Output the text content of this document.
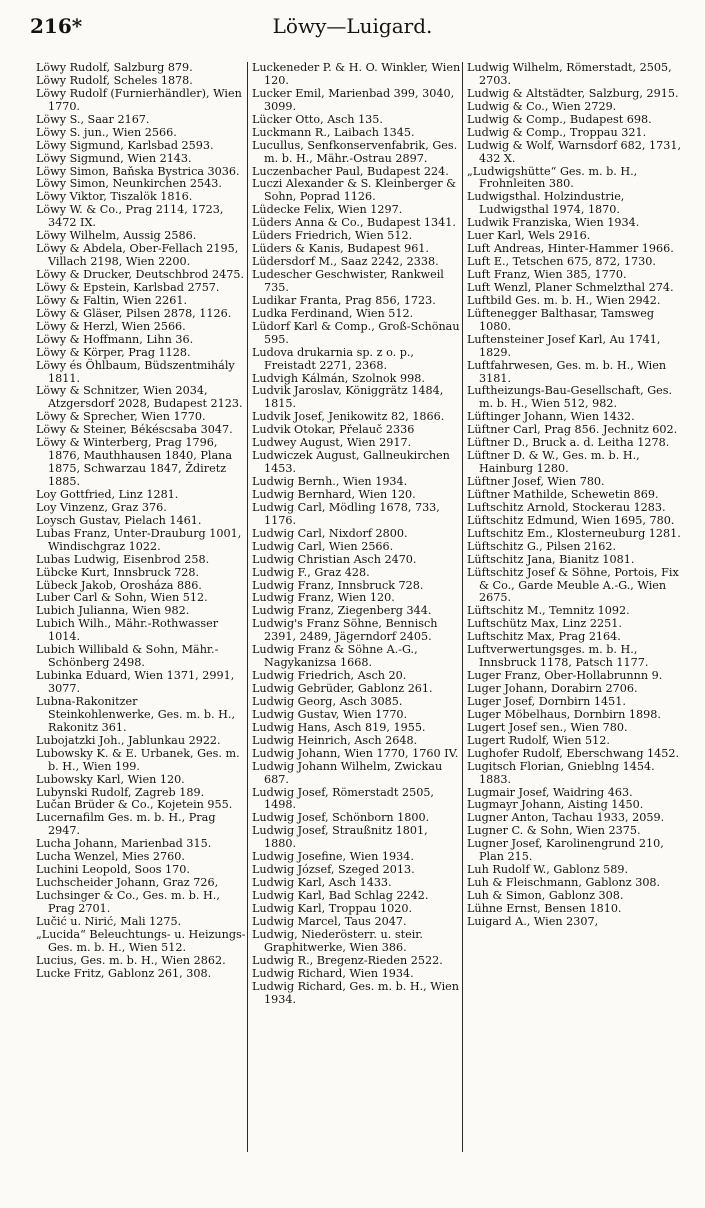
216*	Löwy—Luigard.
Löwy Rudolf, Salzburg 879.
Löwy Rudolf, Scheles 1878.
Löwy Rudolf (Furnierhändler), Wien 1770.
Löwy S., Saar 2167.
Löwy S. jun., Wien 2566.
Löwy Sigmund, Karlsbad 2593.
Löwy Sigmund, Wien 2143.
Löwy Simon, Baňska Bystrica 3036.
Löwy Simon, Neunkirchen 2543.
Löwy Viktor, Tiszalök 1816.
Löwy W. & Co., Prag 2114, 1723, 3472 IX.
Löwy Wilhelm, Aussig 2586.
Löwy & Abdela, Ober-Fellach 2195, Villach 2198, Wien 2200.
Löwy & Drucker, Deutschbrod 2475.
Löwy & Epstein, Karlsbad 2757.
Löwy & Faltin, Wien 2261.
Löwy & Gläser, Pilsen 2878, 1126.
Löwy & Herzl, Wien 2566.
Löwy & Hoffmann, Lihn 36.
Löwy & Körper, Prag 1128.
Löwy és Öhlbaum, Büdszentmihály 1811.
Löwy & Schnitzer, Wien 2034, Atzgersdorf 2028, Budapest 2123.
Löwy & Sprecher, Wien 1770.
Löwy & Steiner, Békéscsaba 3047.
Löwy & Winterberg, Prag 1796, 1876, Mauthhausen 1840, Plana 1875, Schwarzau 1847, Ždiretz 1885.
Loy Gottfried, Linz 1281.
Loy Vinzenz, Graz 376.
Loysch Gustav, Pielach 1461.
Lubas Franz, Unter-Drauburg 1001, Windischgraz 1022.
Lubas Ludwig, Eisenbrod 258.
Lübcke Kurt, Innsbruck 728.
Lübeck Jakob, Orosháza 886.
Luber Carl & Sohn, Wien 512.
Lubich Julianna, Wien 982.
Lubich Wilh., Mähr.-Rothwasser 1014.
Lubich Willibald & Sohn, Mähr.-Schönberg 2498.
Lubinka Eduard, Wien 1371, 2991, 3077.
Lubna-Rakonitzer Steinkohlenwerke, Ges. m. b. H., Rakonitz 361.
Lubojatzki Joh., Jablunkau 2922.
Lubowsky K. & E. Urbanek, Ges. m. b. H., Wien 199.
Lubowsky Karl, Wien 120.
Lubynski Rudolf, Zagreb 189.
Lučan Brüder & Co., Kojetein 955.
Lucernafilm Ges. m. b. H., Prag 2947.
Lucha Johann, Marienbad 315.
Lucha Wenzel, Mies 2760.
Luchini Leopold, Soos 170.
Luchscheider Johann, Graz 726,
Luchsinger & Co., Ges. m. b. H., Prag 2701.
Lučić u. Nirić, Mali 1275.
„Lucida“ Beleuchtungs- u. Heizungs-Ges. m. b. H., Wien 512.
Lucius, Ges. m. b. H., Wien 2862.
Lucke Fritz, Gablonz 261, 308.
Luckeneder P. & H. O. Winkler, Wien 120.
Lucker Emil, Marienbad 399, 3040, 3099.
Lücker Otto, Asch 135.
Luckmann R., Laibach 1345.
Lucullus, Senfkonservenfabrik, Ges. m. b. H., Mähr.-Ostrau 2897.
Luczenbacher Paul, Budapest 224.
Luczi Alexander & S. Kleinberger & Sohn, Poprad 1126.
Lüdecke Felix, Wien 1297.
Lüders Anna & Co., Budapest 1341.
Lüders Friedrich, Wien 512.
Lüders & Kanis, Budapest 961.
Lüdersdorf M., Saaz 2242, 2338.
Ludescher Geschwister, Rankweil 735.
Ludikar Franta, Prag 856, 1723.
Ludka Ferdinand, Wien 512.
Lüdorf Karl & Comp., Groß-Schönau 595.
Ludova drukarnia sp. z o. p., Freistadt 2271, 2368.
Ludvigh Kálmán, Szolnok 998.
Ludvik Jaroslav, Königgrätz 1484, 1815.
Ludvik Josef, Jenikowitz 82, 1866.
Ludvik Otokar, Přelauč 2336
Ludwey August, Wien 2917.
Ludwiczek August, Gallneukirchen 1453.
Ludwig Bernh., Wien 1934.
Ludwig Bernhard, Wien 120.
Ludwig Carl, Mödling 1678, 733, 1176.
Ludwig Carl, Nixdorf 2800.
Ludwig Carl, Wien 2566.
Ludwig Christian Asch 2470.
Ludwig F., Graz 428.
Ludwig Franz, Innsbruck 728.
Ludwig Franz, Wien 120.
Ludwig Franz, Ziegenberg 344.
Ludwig's Franz Söhne, Bennisch 2391, 2489, Jägerndorf 2405.
Ludwig Franz & Söhne A.-G., Nagykanizsa 1668.
Ludwig Friedrich, Asch 20.
Ludwig Gebrüder, Gablonz 261.
Ludwig Georg, Asch 3085.
Ludwig Gustav, Wien 1770.
Ludwig Hans, Asch 819, 1955.
Ludwig Heinrich, Asch 2648.
Ludwig Johann, Wien 1770, 1760 IV.
Ludwig Johann Wilhelm, Zwickau 687.
Ludwig Josef, Römerstadt 2505, 1498.
Ludwig Josef, Schönborn 1800.
Ludwig Josef, Straußnitz 1801, 1880.
Ludwig Josefine, Wien 1934.
Ludwig József, Szeged 2013.
Ludwig Karl, Asch 1433.
Ludwig Karl, Bad Schlag 2242.
Ludwig Karl, Troppau 1020.
Ludwig Marcel, Taus 2047.
Ludwig, Niederösterr. u. steir. Graphitwerke, Wien 386.
Ludwig R., Bregenz-Rieden 2522.
Ludwig Richard, Wien 1934.
Ludwig Richard, Ges. m. b. H., Wien 1934.
Ludwig Wilhelm, Römerstadt, 2505, 2703.
Ludwig & Altstädter, Salzburg, 2915.
Ludwig & Co., Wien 2729.
Ludwig & Comp., Budapest 698.
Ludwig & Comp., Troppau 321.
Ludwig & Wolf, Warnsdorf 682, 1731, 432 X.
„Ludwigshütte“ Ges. m. b. H., Frohnleiten 380.
Ludwigsthal. Holzindustrie, Ludwigsthal 1974, 1870.
Ludwik Franziska, Wien 1934.
Luer Karl, Wels 2916.
Luft Andreas, Hinter-Hammer 1966.
Luft E., Tetschen 675, 872, 1730.
Luft Franz, Wien 385, 1770.
Luft Wenzl, Planer Schmelzthal 274.
Luftbild Ges. m. b. H., Wien 2942.
Lüftenegger Balthasar, Tamsweg 1080.
Luftensteiner Josef Karl, Au 1741, 1829.
Luftfahrwesen, Ges. m. b. H., Wien 3181.
Luftheizungs-Bau-Gesellschaft, Ges. m. b. H., Wien 512, 982.
Lüftinger Johann, Wien 1432.
Lüftner Carl, Prag 856. Jechnitz 602.
Lüftner D., Bruck a. d. Leitha 1278.
Lüftner D. & W., Ges. m. b. H., Hainburg 1280.
Lüftner Josef, Wien 780.
Lüftner Mathilde, Schewetin 869.
Luftschitz Arnold, Stockerau 1283.
Lüftschitz Edmund, Wien 1695, 780.
Luftschitz Em., Klosterneuburg 1281.
Lüftschitz G., Pilsen 2162.
Lüftschitz Jana, Bianitz 1081.
Lüftschitz Josef & Söhne, Portois, Fix & Co., Garde Meuble A.-G., Wien 2675.
Lüftschitz M., Temnitz 1092.
Luftschütz Max, Linz 2251.
Luftschitz Max, Prag 2164.
Luftverwertungsges. m. b. H., Innsbruck 1178, Patsch 1177.
Luger Franz, Ober-Hollabrunnn 9.
Luger Johann, Dorabirn 2706.
Luger Josef, Dornbirn 1451.
Luger Möbelhaus, Dornbirn 1898.
Lugert Josef sen., Wien 780.
Lugert Rudolf, Wien 512.
Lughofer Rudolf, Eberschwang 1452.
Lugitsch Florian, Gnieblng 1454. 1883.
Lugmair Josef, Waidring 463.
Lugmayr Johann, Aisting 1450.
Lugner Anton, Tachau 1933, 2059.
Lugner C. & Sohn, Wien 2375.
Lugner Josef, Karolinengrund 210, Plan 215.
Luh Rudolf W., Gablonz 589.
Luh & Fleischmann, Gablonz 308.
Luh & Simon, Gablonz 308.
Lühne Ernst, Bensen 1810.
Luigard A., Wien 2307,
